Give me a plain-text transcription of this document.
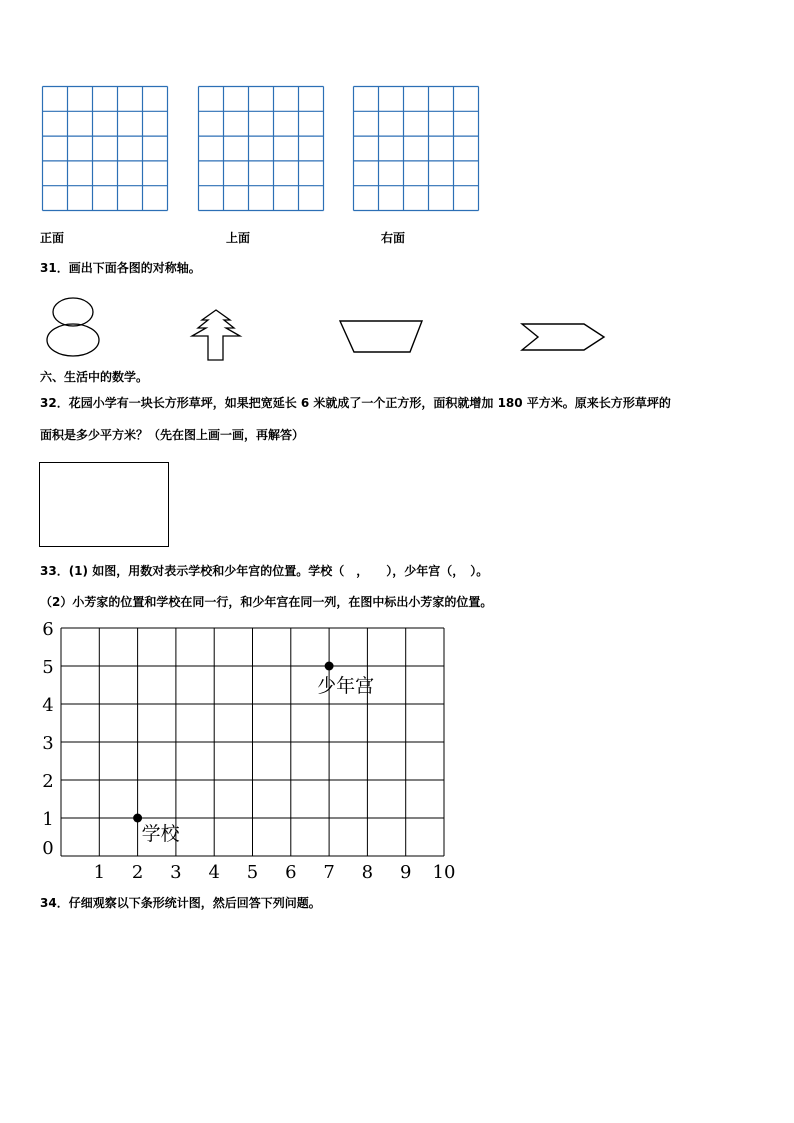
正面	上面	右面
31．画出下面各图的对称轴。
六、生活中的数学。
32．花园小学有一块长方形草坪，如果把宽延长 6 米就成了一个正方形，面积就增加 180 平方米。原来长方形草坪的
面积是多少平方米？（先在图上画一画，再解答）
33．(1) 如图，用数对表示学校和少年宫的位置。学校（　，　　），少年宫（，　）。
（2）小芳家的位置和学校在同一行，和少年宫在同一列，在图中标出小芳家的位置。
1 2 3 4 5 6 7 8 9 10
0
1
2
3
4
5
6
学校
少年宫
34．仔细观察以下条形统计图，然后回答下列问题。
